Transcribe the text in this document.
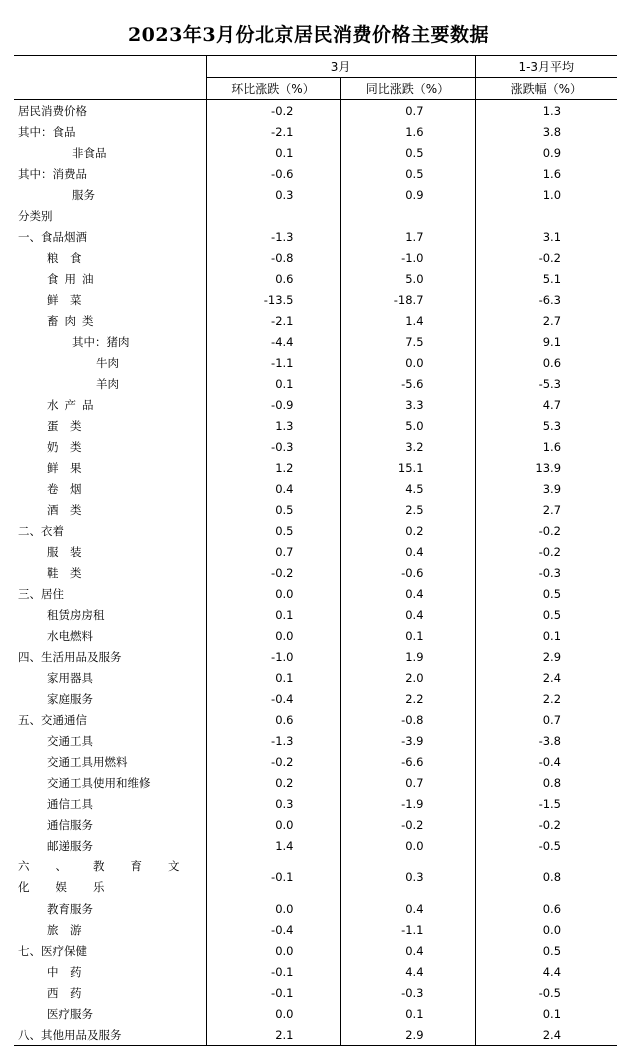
2023年3月份北京居民消费价格主要数据
	3月		1-3月平均
	环比涨跌（%）	同比涨跌（%）	涨跌幅（%）
居民消费价格	-0.2	0.7	1.3
其中：食品	-2.1	1.6	3.8
非食品	0.1	0.5	0.9
其中：消费品	-0.6	0.5	1.6
服务	0.3	0.9	1.0
分类别			
一、食品烟酒	-1.3	1.7	3.1
粮　食	-0.8	-1.0	-0.2
食用油	0.6	5.0	5.1
鲜　菜	-13.5	-18.7	-6.3
畜肉类	-2.1	1.4	2.7
其中：猪肉	-4.4	7.5	9.1
牛肉	-1.1	0.0	0.6
羊肉	0.1	-5.6	-5.3
水产品	-0.9	3.3	4.7
蛋　类	1.3	5.0	5.3
奶　类	-0.3	3.2	1.6
鲜　果	1.2	15.1	13.9
卷　烟	0.4	4.5	3.9
酒　类	0.5	2.5	2.7
二、衣着	0.5	0.2	-0.2
服　装	0.7	0.4	-0.2
鞋　类	-0.2	-0.6	-0.3
三、居住	0.0	0.4	0.5
租赁房房租	0.1	0.4	0.5
水电燃料	0.0	0.1	0.1
四、生活用品及服务	-1.0	1.9	2.9
家用器具	0.1	2.0	2.4
家庭服务	-0.4	2.2	2.2
五、交通通信	0.6	-0.8	0.7
交通工具	-1.3	-3.9	-3.8
交通工具用燃料	-0.2	-6.6	-0.4
交通工具使用和维修	0.2	0.7	0.8
通信工具	0.3	-1.9	-1.5
通信服务	0.0	-0.2	-0.2
邮递服务	1.4	0.0	-0.5
六、教育文化娱乐	-0.1	0.3	0.8
教育服务	0.0	0.4	0.6
旅　游	-0.4	-1.1	0.0
七、医疗保健	0.0	0.4	0.5
中　药	-0.1	4.4	4.4
西　药	-0.1	-0.3	-0.5
医疗服务	0.0	0.1	0.1
八、其他用品及服务	2.1	2.9	2.4
